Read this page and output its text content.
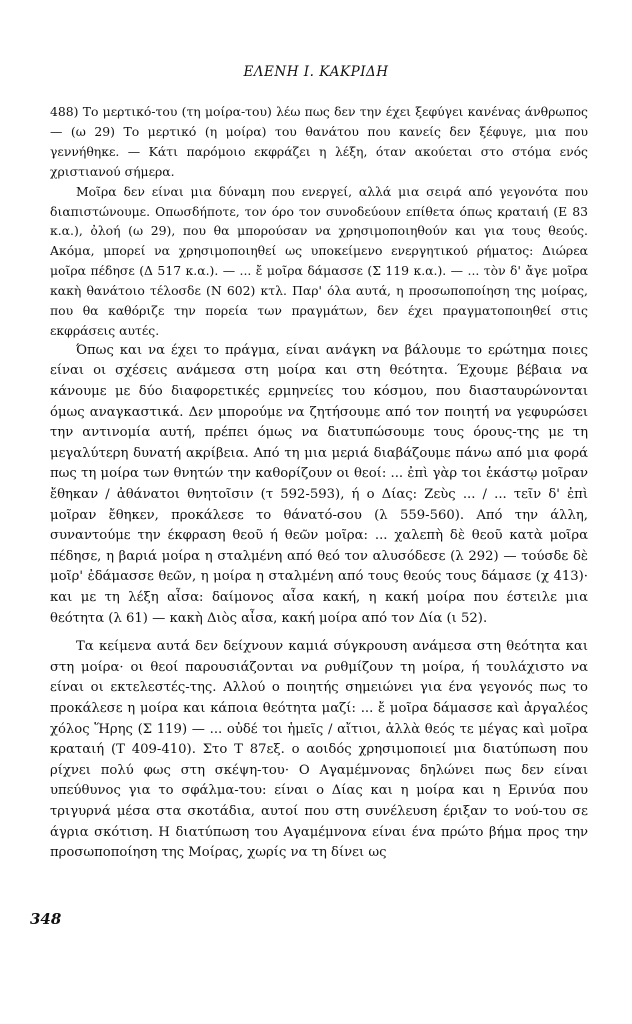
ΕΛΕΝΗ Ι. ΚΑΚΡΙΔΗ

488) Το μερτικό-του (τη μοίρα-του) λέω πως δεν την έχει ξεφύγει κανένας άνθρωπος — (ω 29) Το μερτικό (η μοίρα) του θανάτου που κανείς δεν ξέφυγε, μια που γεννήθηκε. — Κάτι παρόμοιο εκφράζει η λέξη, όταν ακούεται στο στόμα ενός χριστιανού σήμερα.

Μοῖρα δεν είναι μια δύναμη που ενεργεί, αλλά μια σειρά από γεγονότα που διαπιστώνουμε. Οπωσδήποτε, τον όρο τον συνοδεύουν επίθετα όπως κραταιή (Ε 83 κ.α.), ὀλοή (ω 29), που θα μπορούσαν να χρησιμοποιηθούν και για τους θεούς. Ακόμα, μπορεί να χρησιμοποιηθεί ως υποκείμενο ενεργητικού ρήματος: Διώρεα μοῖρα πέδησε (Δ 517 κ.α.). — ... ἔ μοῖρα δάμασσε (Σ 119 κ.α.). — ... τὸν δ' ἄγε μοῖρα κακὴ θανάτοιο τέλοσδε (Ν 602) κτλ. Παρ' όλα αυτά, η προσωποποίηση της μοίρας, που θα καθόριζε την πορεία των πραγμάτων, δεν έχει πραγματοποιηθεί στις εκφράσεις αυτές.

Όπως και να έχει το πράγμα, είναι ανάγκη να βάλουμε το ερώτημα ποιες είναι οι σχέσεις ανάμεσα στη μοίρα και στη θεότητα. Έχουμε βέβαια να κάνουμε με δύο διαφορετικές ερμηνείες του κόσμου, που διασταυρώνονται όμως αναγκαστικά. Δεν μπορούμε να ζητήσουμε από τον ποιητή να γεφυρώσει την αντινομία αυτή, πρέπει όμως να διατυπώσουμε τους όρους-της με τη μεγαλύτερη δυνατή ακρίβεια. Από τη μια μεριά διαβάζουμε πάνω από μια φορά πως τη μοίρα των θνητών την καθορίζουν οι θεοί: ... ἐπὶ γὰρ τοι ἑκάστῳ μοῖραν ἔθηκαν / ἀθάνατοι θνητοῖσιν (τ 592-593), ή ο Δίας: Ζεὺς ... / ... τεῖν δ' ἐπὶ μοῖραν ἔθηκεν, προκάλεσε το θάνατό-σου (λ 559-560). Από την άλλη, συναντούμε την έκφραση θεοῦ ή θεῶν μοῖρα: ... χαλεπὴ δὲ θεοῦ κατὰ μοῖρα πέδησε, η βαριά μοίρα η σταλμένη από θεό τον αλυσόδεσε (λ 292) — τούσδε δὲ μοῖρ' ἐδάμασσε θεῶν, η μοίρα η σταλμένη από τους θεούς τους δάμασε (χ 413)· και με τη λέξη αἶσα: δαίμονος αἶσα κακή, η κακή μοίρα που έστειλε μια θεότητα (λ 61) — κακὴ Διὸς αἶσα, κακή μοίρα από τον Δία (ι 52).

Τα κείμενα αυτά δεν δείχνουν καμιά σύγκρουση ανάμεσα στη θεότητα και στη μοίρα· οι θεοί παρουσιάζονται να ρυθμίζουν τη μοίρα, ή τουλάχιστο να είναι οι εκτελεστές-της. Αλλού ο ποιητής σημειώνει για ένα γεγονός πως το προκάλεσε η μοίρα και κάποια θεότητα μαζί: ... ἔ μοῖρα δάμασσε καὶ ἀργαλέος χόλος Ἥρης (Σ 119) — ... οὐδέ τοι ἡμεῖς / αἴτιοι, ἀλλὰ θεός τε μέγας καὶ μοῖρα κραταιή (Τ 409-410). Στο Τ 87εξ. ο αοιδός χρησιμοποιεί μια διατύπωση που ρίχνει πολύ φως στη σκέψη-του· Ο Αγαμέμνονας δηλώνει πως δεν είναι υπεύθυνος για το σφάλμα-του: είναι ο Δίας και η μοίρα και η Ερινύα που τριγυρνά μέσα στα σκοτάδια, αυτοί που στη συνέλευση έριξαν το νού-του σε άγρια σκότιση. Η διατύπωση του Αγαμέμνονα είναι ένα πρώτο βήμα προς την προσωποποίηση της Μοίρας, χωρίς να τη δίνει ως

348
